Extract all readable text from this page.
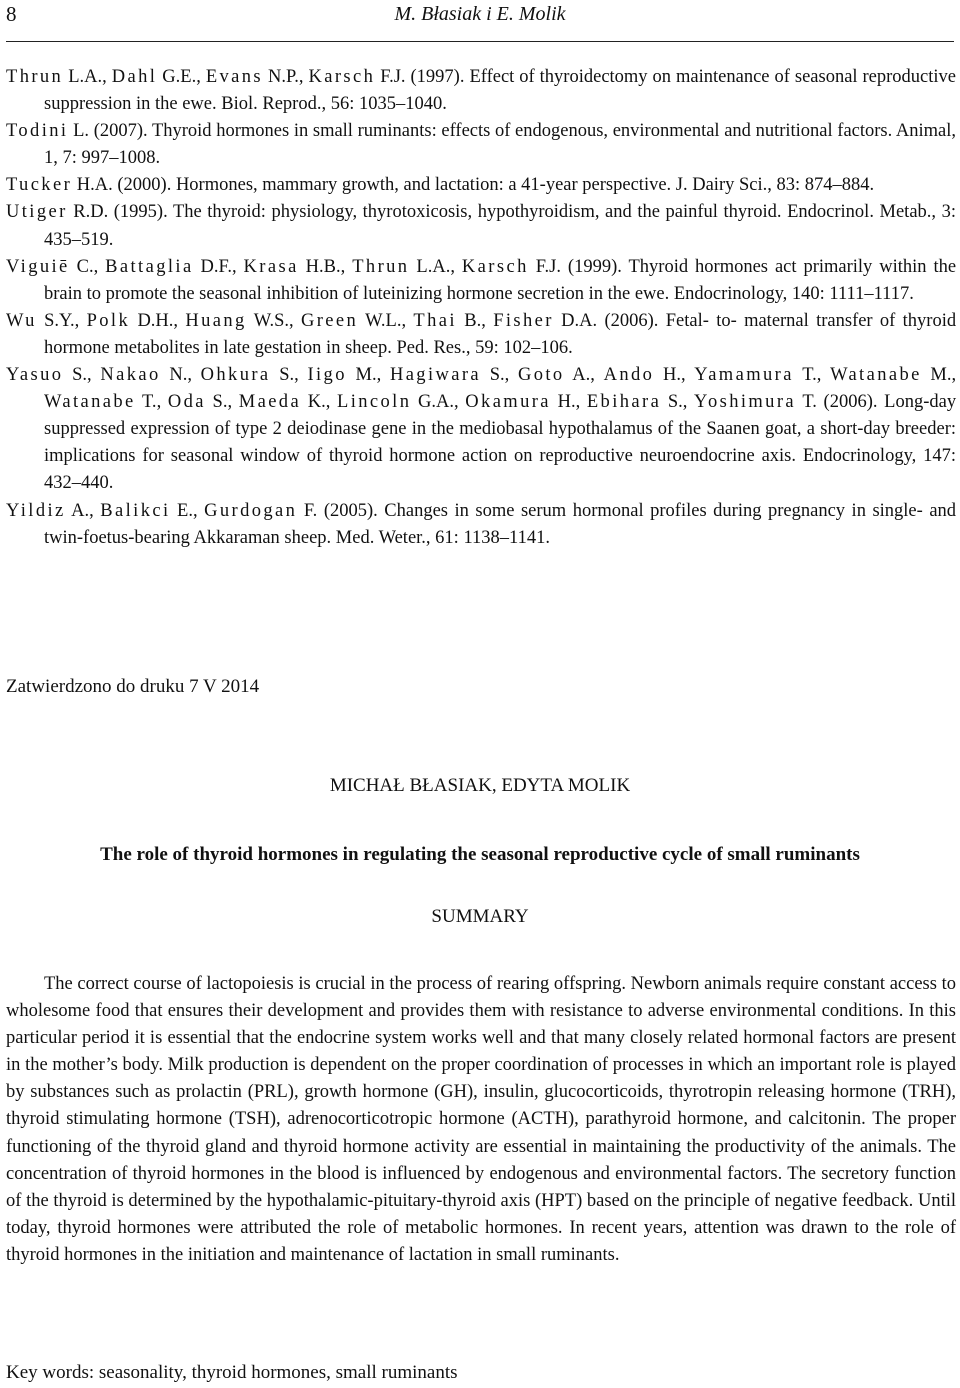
8	M. Błasiak i E. Molik
Thrun L.A., Dahl G.E., Evans N.P., Karsch F.J. (1997). Effect of thyroidectomy on maintenance of seasonal reproductive suppression in the ewe. Biol. Reprod., 56: 1035–1040.
Todini L. (2007). Thyroid hormones in small ruminants: effects of endogenous, environmental and nutritional factors. Animal, 1, 7: 997–1008.
Tucker H.A. (2000). Hormones, mammary growth, and lactation: a 41-year perspective. J. Dairy Sci., 83: 874–884.
Utiger R.D. (1995). The thyroid: physiology, thyrotoxicosis, hypothyroidism, and the painful thyroid. Endocrinol. Metab., 3: 435–519.
Viguiē C., Battaglia D.F., Krasa H.B., Thrun L.A., Karsch F.J. (1999). Thyroid hormones act primarily within the brain to promote the seasonal inhibition of luteinizing hormone secretion in the ewe. Endocrinology, 140: 1111–1117.
Wu S.Y., Polk D.H., Huang W.S., Green W.L., Thai B., Fisher D.A. (2006). Fetal- to- maternal transfer of thyroid hormone metabolites in late gestation in sheep. Ped. Res., 59: 102–106.
Yasuo S., Nakao N., Ohkura S., Iigo M., Hagiwara S., Goto A., Ando H., Yamamura T., Watanabe M., Watanabe T., Oda S., Maeda K., Lincoln G.A., Okamura H., Ebihara S., Yoshimura T. (2006). Long-day suppressed expression of type 2 deiodinase gene in the mediobasal hypothalamus of the Saanen goat, a short-day breeder: implications for seasonal window of thyroid hormone action on reproductive neuroendocrine axis. Endocrinology, 147: 432–440.
Yildiz A., Balikci E., Gurdogan F. (2005). Changes in some serum hormonal profiles during pregnancy in single- and twin-foetus-bearing Akkaraman sheep. Med. Weter., 61: 1138–1141.
Zatwierdzono do druku 7 V 2014
MICHAŁ BŁASIAK, EDYTA MOLIK
The role of thyroid hormones in regulating the seasonal reproductive cycle of small ruminants
SUMMARY
The correct course of lactopoiesis is crucial in the process of rearing offspring. Newborn animals require constant access to wholesome food that ensures their development and provides them with resistance to adverse environmental conditions. In this particular period it is essential that the endocrine system works well and that many closely related hormonal factors are present in the mother’s body. Milk production is dependent on the proper coordination of processes in which an important role is played by substances such as prolactin (PRL), growth hormone (GH), insulin, glucocorticoids, thyrotropin releasing hormone (TRH), thyroid stimulating hormone (TSH), adrenocorticotropic hormone (ACTH), parathyroid hormone, and calcitonin. The proper functioning of the thyroid gland and thyroid hormone activity are essential in maintaining the productivity of the animals. The concentration of thyroid hormones in the blood is influenced by endogenous and environmental factors. The secretory function of the thyroid is determined by the hypothalamic-pituitary-thyroid axis (HPT) based on the principle of negative feedback. Until today, thyroid hormones were attributed the role of metabolic hormones. In recent years, attention was drawn to the role of thyroid hormones in the initiation and maintenance of lactation in small ruminants.
Key words: seasonality, thyroid hormones, small ruminants
